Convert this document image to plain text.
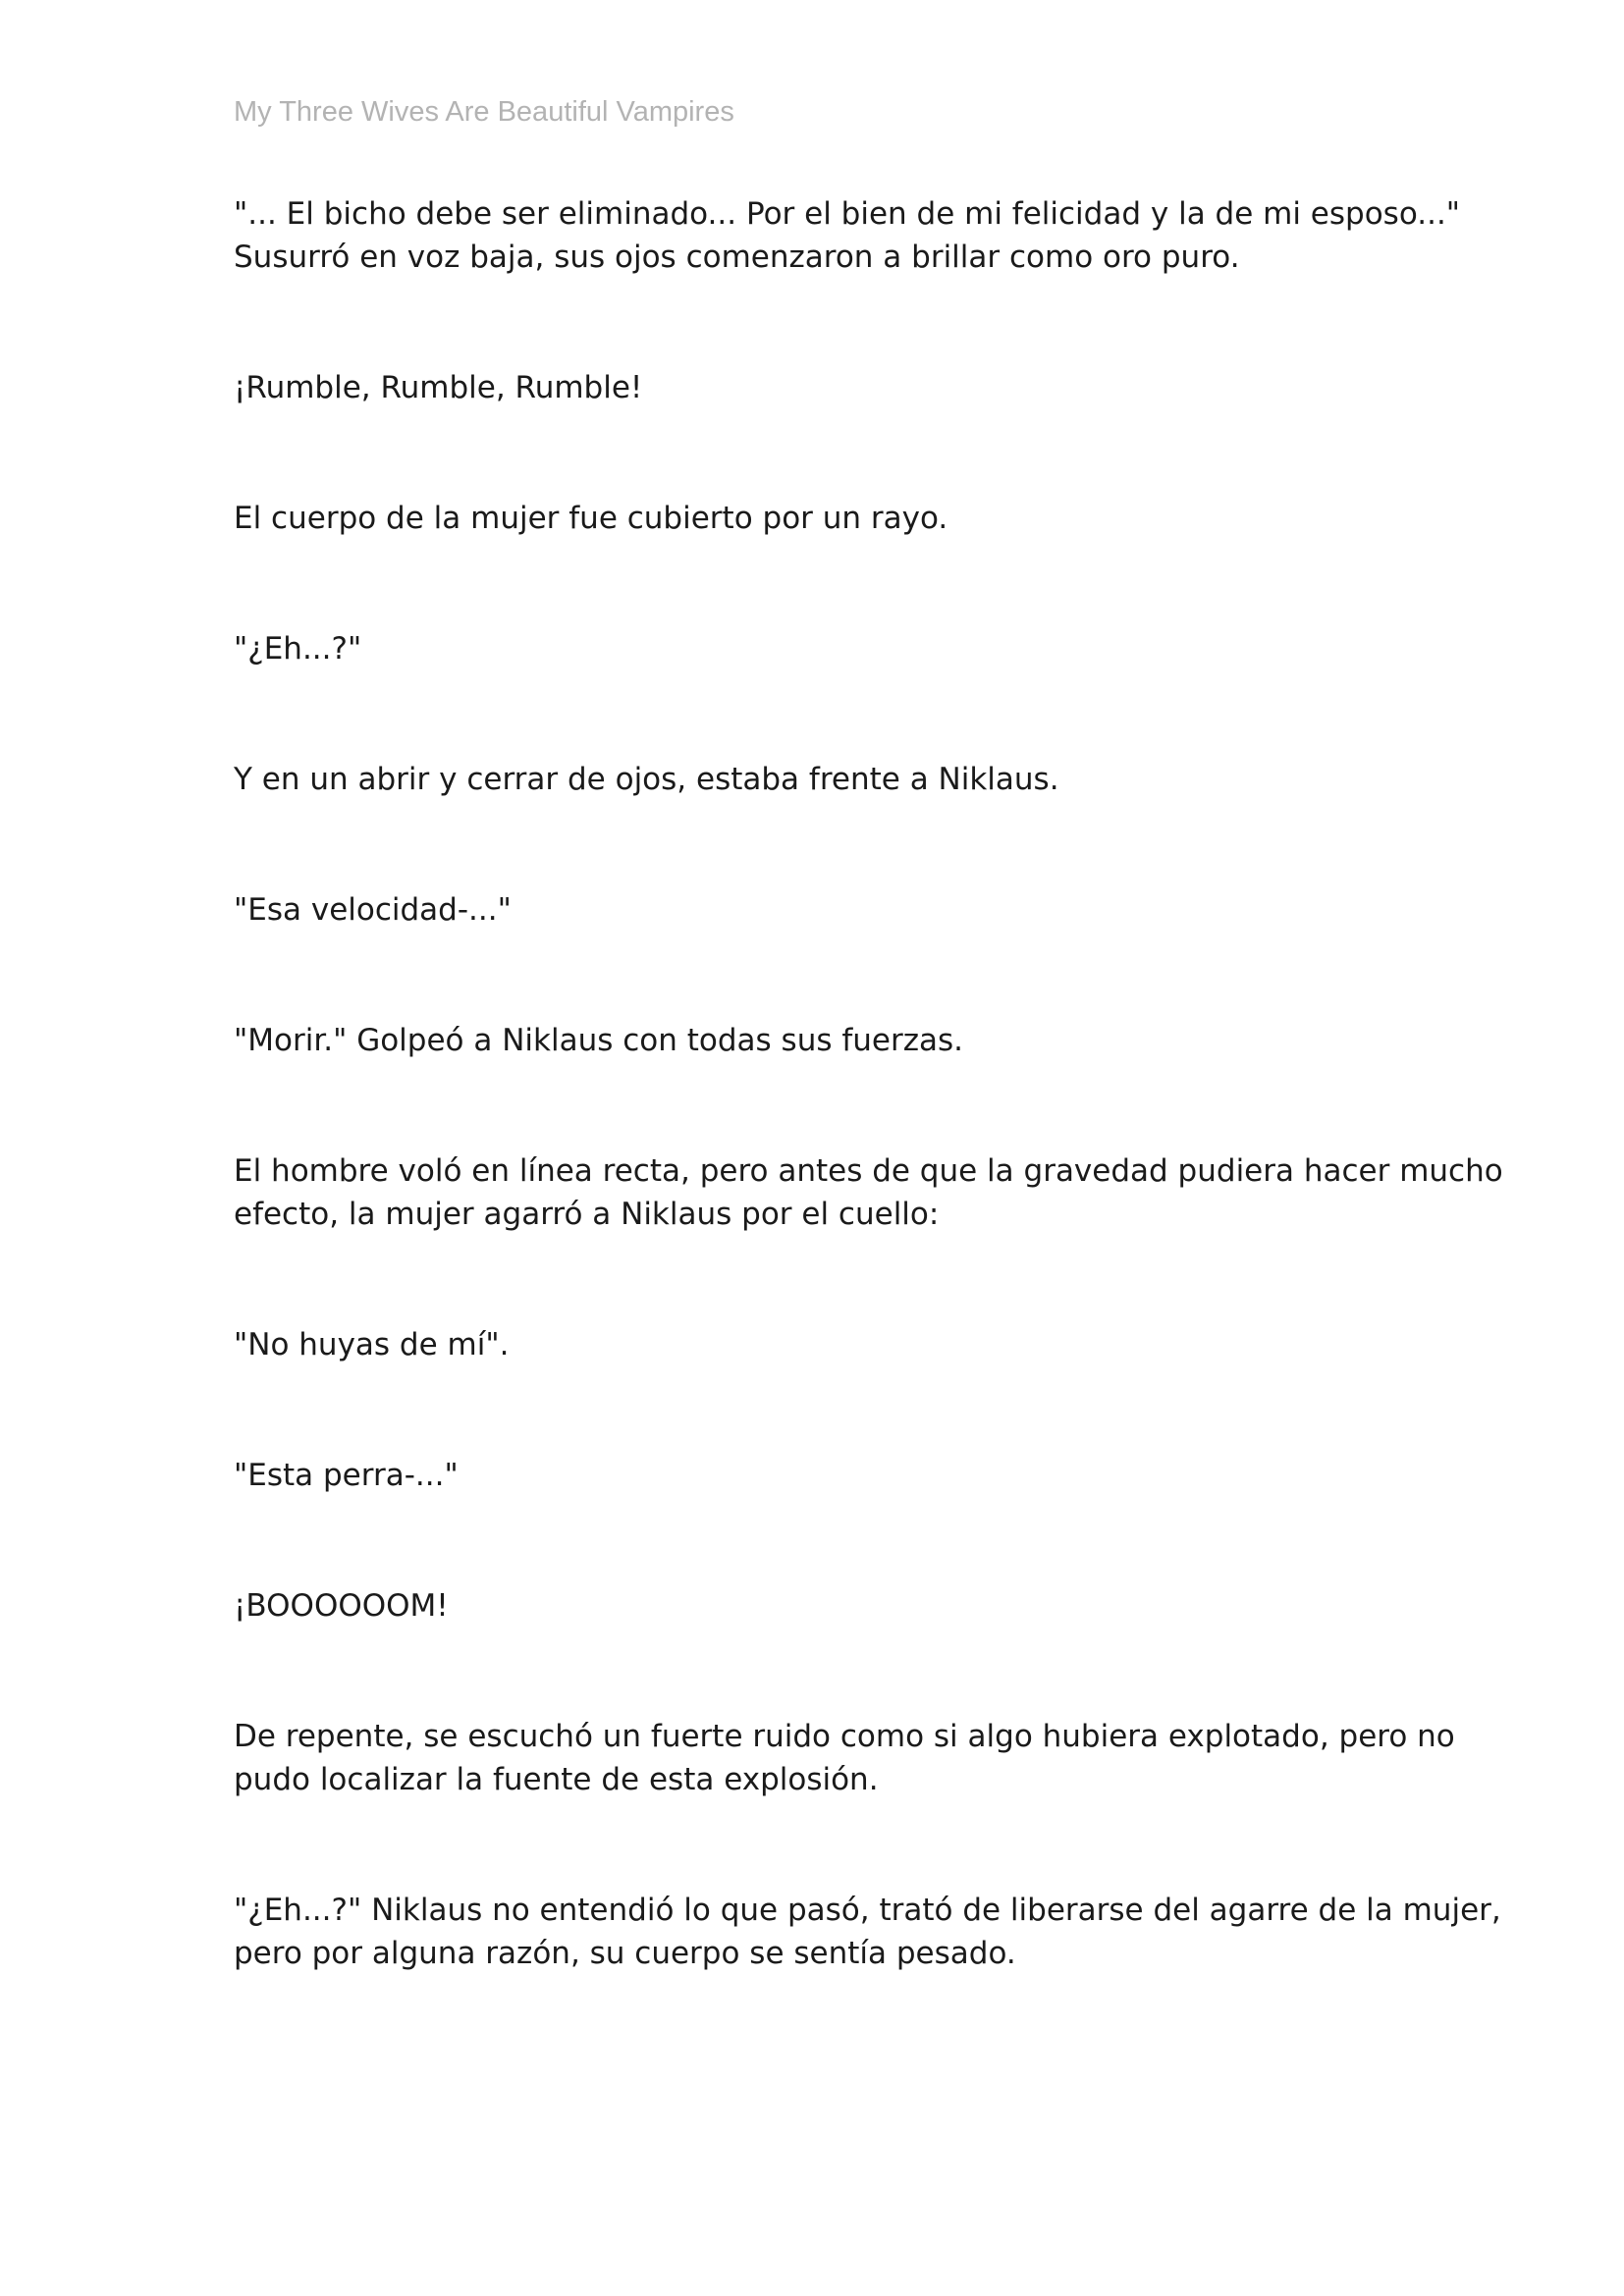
My Three Wives Are Beautiful Vampires

"... El bicho debe ser eliminado... Por el bien de mi felicidad y la de mi esposo..."
Susurró en voz baja, sus ojos comenzaron a brillar como oro puro.

¡Rumble, Rumble, Rumble!

El cuerpo de la mujer fue cubierto por un rayo.

"¿Eh...?"

Y en un abrir y cerrar de ojos, estaba frente a Niklaus.

"Esa velocidad-..."

"Morir." Golpeó a Niklaus con todas sus fuerzas.

El hombre voló en línea recta, pero antes de que la gravedad pudiera hacer mucho
efecto, la mujer agarró a Niklaus por el cuello:

"No huyas de mí".

"Esta perra-..."

¡BOOOOOOM!

De repente, se escuchó un fuerte ruido como si algo hubiera explotado, pero no
pudo localizar la fuente de esta explosión.

"¿Eh...?" Niklaus no entendió lo que pasó, trató de liberarse del agarre de la mujer,
pero por alguna razón, su cuerpo se sentía pesado.
